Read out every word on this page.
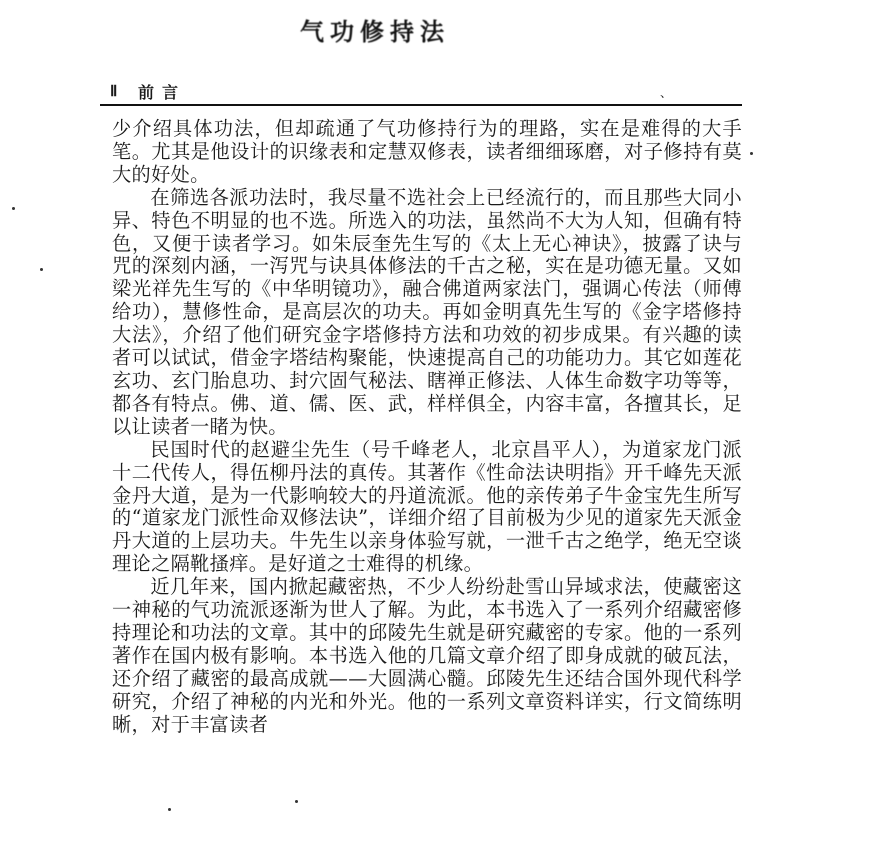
气功修持法
Ⅱ 前言	、

少介绍具体功法，但却疏通了气功修持行为的理路，实在是难得的大手笔。尤其是他设计的识缘表和定慧双修表，读者细细琢磨，对子修持有莫大的好处。

在筛选各派功法时，我尽量不选社会上已经流行的，而且那些大同小异、特色不明显的也不选。所选入的功法，虽然尚不大为人知，但确有特色，又便于读者学习。如朱辰奎先生写的《太上无心神诀》，披露了诀与咒的深刻内涵，一泻咒与诀具体修法的千古之秘，实在是功德无量。又如梁光祥先生写的《中华明镜功》，融合佛道两家法门，强调心传法（师傅给功），慧修性命，是高层次的功夫。再如金明真先生写的《金字塔修持大法》，介绍了他们研究金字塔修持方法和功效的初步成果。有兴趣的读者可以试试，借金字塔结构聚能，快速提高自己的功能功力。其它如莲花玄功、玄门胎息功、封穴固气秘法、瞎禅正修法、人体生命数字功等等，都各有特点。佛、道、儒、医、武，样样俱全，内容丰富，各擅其长，足以让读者一睹为快。

民国时代的赵避尘先生（号千峰老人，北京昌平人），为道家龙门派十二代传人，得伍柳丹法的真传。其著作《性命法诀明指》开千峰先天派金丹大道，是为一代影响较大的丹道流派。他的亲传弟子牛金宝先生所写的“道家龙门派性命双修法诀”，详细介绍了目前极为少见的道家先天派金丹大道的上层功夫。牛先生以亲身体验写就，一泄千古之绝学，绝无空谈理论之隔靴搔痒。是好道之士难得的机缘。

近几年来，国内掀起藏密热，不少人纷纷赴雪山异域求法，使藏密这一神秘的气功流派逐渐为世人了解。为此，本书选入了一系列介绍藏密修持理论和功法的文章。其中的邱陵先生就是研究藏密的专家。他的一系列著作在国内极有影响。本书选入他的几篇文章介绍了即身成就的破瓦法，还介绍了藏密的最高成就——大圆满心髓。邱陵先生还结合国外现代科学研究，介绍了神秘的内光和外光。他的一系列文章资料详实，行文简练明晰，对于丰富读者
